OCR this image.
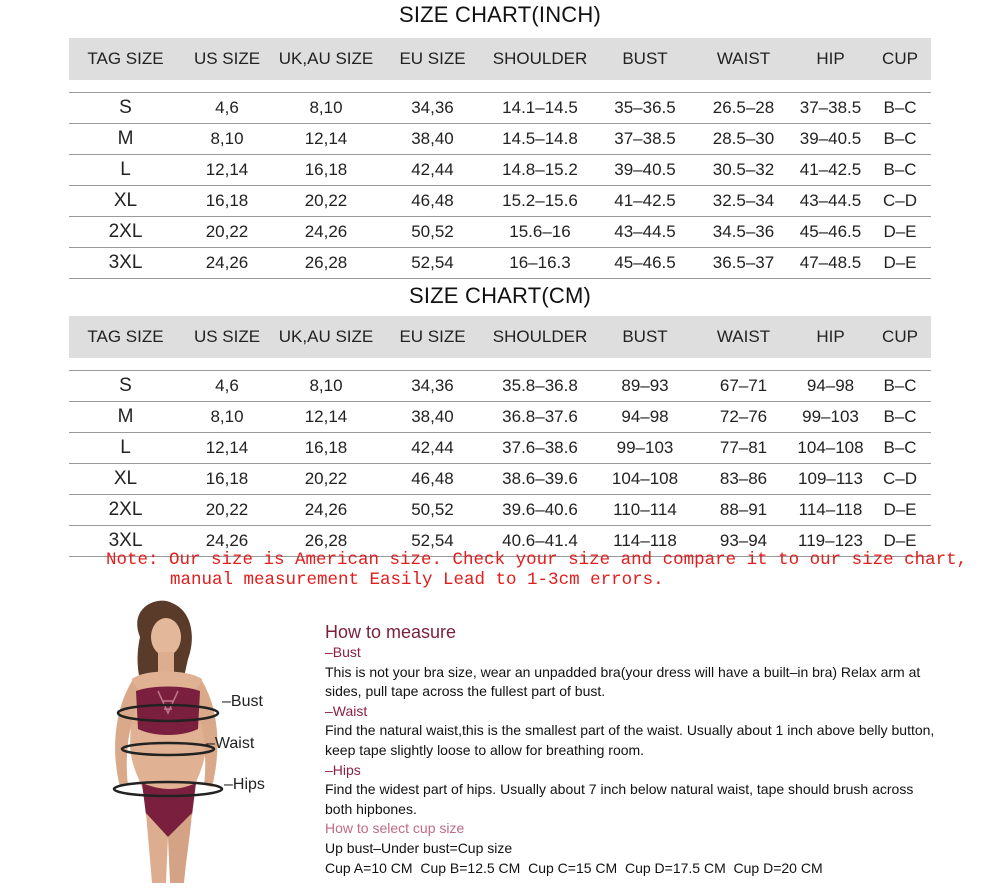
SIZE CHART(INCH)
TAG SIZE	US SIZE	UK,AU SIZE	EU SIZE	SHOULDER	BUST	WAIST	HIP	CUP

S	4,6	8,10	34,36	14.1–14.5	35–36.5	26.5–28	37–38.5	B–C
M	8,10	12,14	38,40	14.5–14.8	37–38.5	28.5–30	39–40.5	B–C
L	12,14	16,18	42,44	14.8–15.2	39–40.5	30.5–32	41–42.5	B–C
XL	16,18	20,22	46,48	15.2–15.6	41–42.5	32.5–34	43–44.5	C–D
2XL	20,22	24,26	50,52	15.6–16	43–44.5	34.5–36	45–46.5	D–E
3XL	24,26	26,28	52,54	16–16.3	45–46.5	36.5–37	47–48.5	D–E
SIZE CHART(CM)
TAG SIZE	US SIZE	UK,AU SIZE	EU SIZE	SHOULDER	BUST	WAIST	HIP	CUP

S	4,6	8,10	34,36	35.8–36.8	89–93	67–71	94–98	B–C
M	8,10	12,14	38,40	36.8–37.6	94–98	72–76	99–103	B–C
L	12,14	16,18	42,44	37.6–38.6	99–103	77–81	104–108	B–C
XL	16,18	20,22	46,48	38.6–39.6	104–108	83–86	109–113	C–D
2XL	20,22	24,26	50,52	39.6–40.6	110–114	88–91	114–118	D–E
3XL	24,26	26,28	52,54	40.6–41.4	114–118	93–94	119–123	D–E
Note: Our size is American size. Check your size and compare it to our size chart,
manual measurement Easily Lead to 1-3cm errors.
–Bust
–Waist
–Hips

How to measure

–Bust

This is not your bra size, wear an unpadded bra(your dress will have a built–in bra) Relax arm at sides, pull tape across the fullest part of bust.

–Waist

Find the natural waist,this is the smallest part of the waist. Usually about 1 inch above belly button, keep tape slightly loose to allow for breathing room.

–Hips

Find the widest part of hips. Usually about 7 inch below natural waist, tape should brush across both hipbones.

How to select cup size

Up bust–Under bust=Cup size

Cup A=10 CM  Cup B=12.5 CM  Cup C=15 CM  Cup D=17.5 CM  Cup D=20 CM
